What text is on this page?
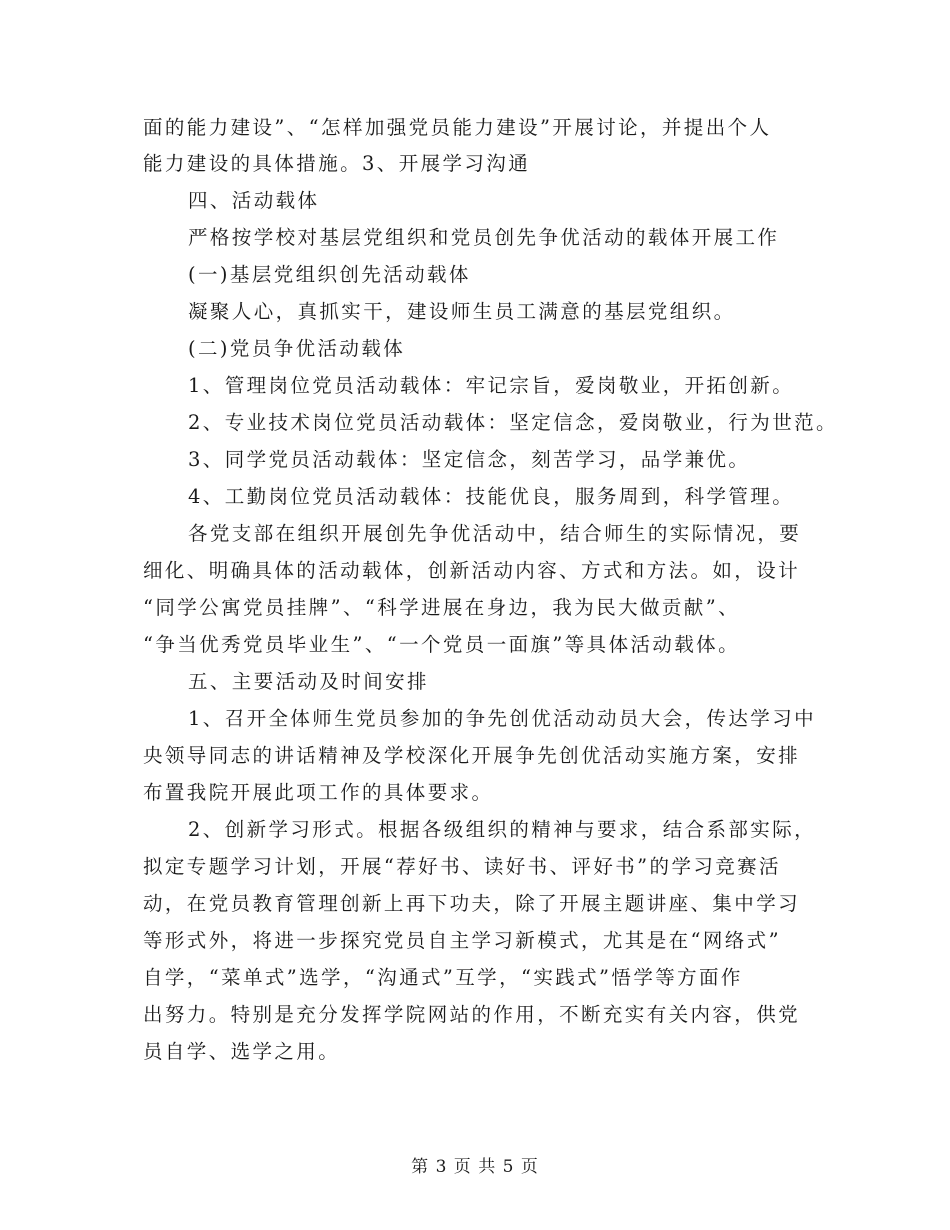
面的能力建设”、“怎样加强党员能力建设”开展讨论，并提出个人
能力建设的具体措施。3、开展学习沟通
四、活动载体
严格按学校对基层党组织和党员创先争优活动的载体开展工作
(一)基层党组织创先活动载体
凝聚人心，真抓实干，建设师生员工满意的基层党组织。
(二)党员争优活动载体
1、管理岗位党员活动载体：牢记宗旨，爱岗敬业，开拓创新。
2、专业技术岗位党员活动载体：坚定信念，爱岗敬业，行为世范。
3、同学党员活动载体：坚定信念，刻苦学习，品学兼优。
4、工勤岗位党员活动载体：技能优良，服务周到，科学管理。
各党支部在组织开展创先争优活动中，结合师生的实际情况，要
细化、明确具体的活动载体，创新活动内容、方式和方法。如，设计
“同学公寓党员挂牌”、“科学进展在身边，我为民大做贡献”、
“争当优秀党员毕业生”、“一个党员一面旗”等具体活动载体。
五、主要活动及时间安排
1、召开全体师生党员参加的争先创优活动动员大会，传达学习中
央领导同志的讲话精神及学校深化开展争先创优活动实施方案，安排
布置我院开展此项工作的具体要求。
2、创新学习形式。根据各级组织的精神与要求，结合系部实际，
拟定专题学习计划，开展“荐好书、读好书、评好书”的学习竞赛活
动，在党员教育管理创新上再下功夫，除了开展主题讲座、集中学习
等形式外，将进一步探究党员自主学习新模式，尤其是在“网络式”
自学，“菜单式”选学，“沟通式”互学，“实践式”悟学等方面作
出努力。特别是充分发挥学院网站的作用，不断充实有关内容，供党
员自学、选学之用。
第 3 页 共 5 页
